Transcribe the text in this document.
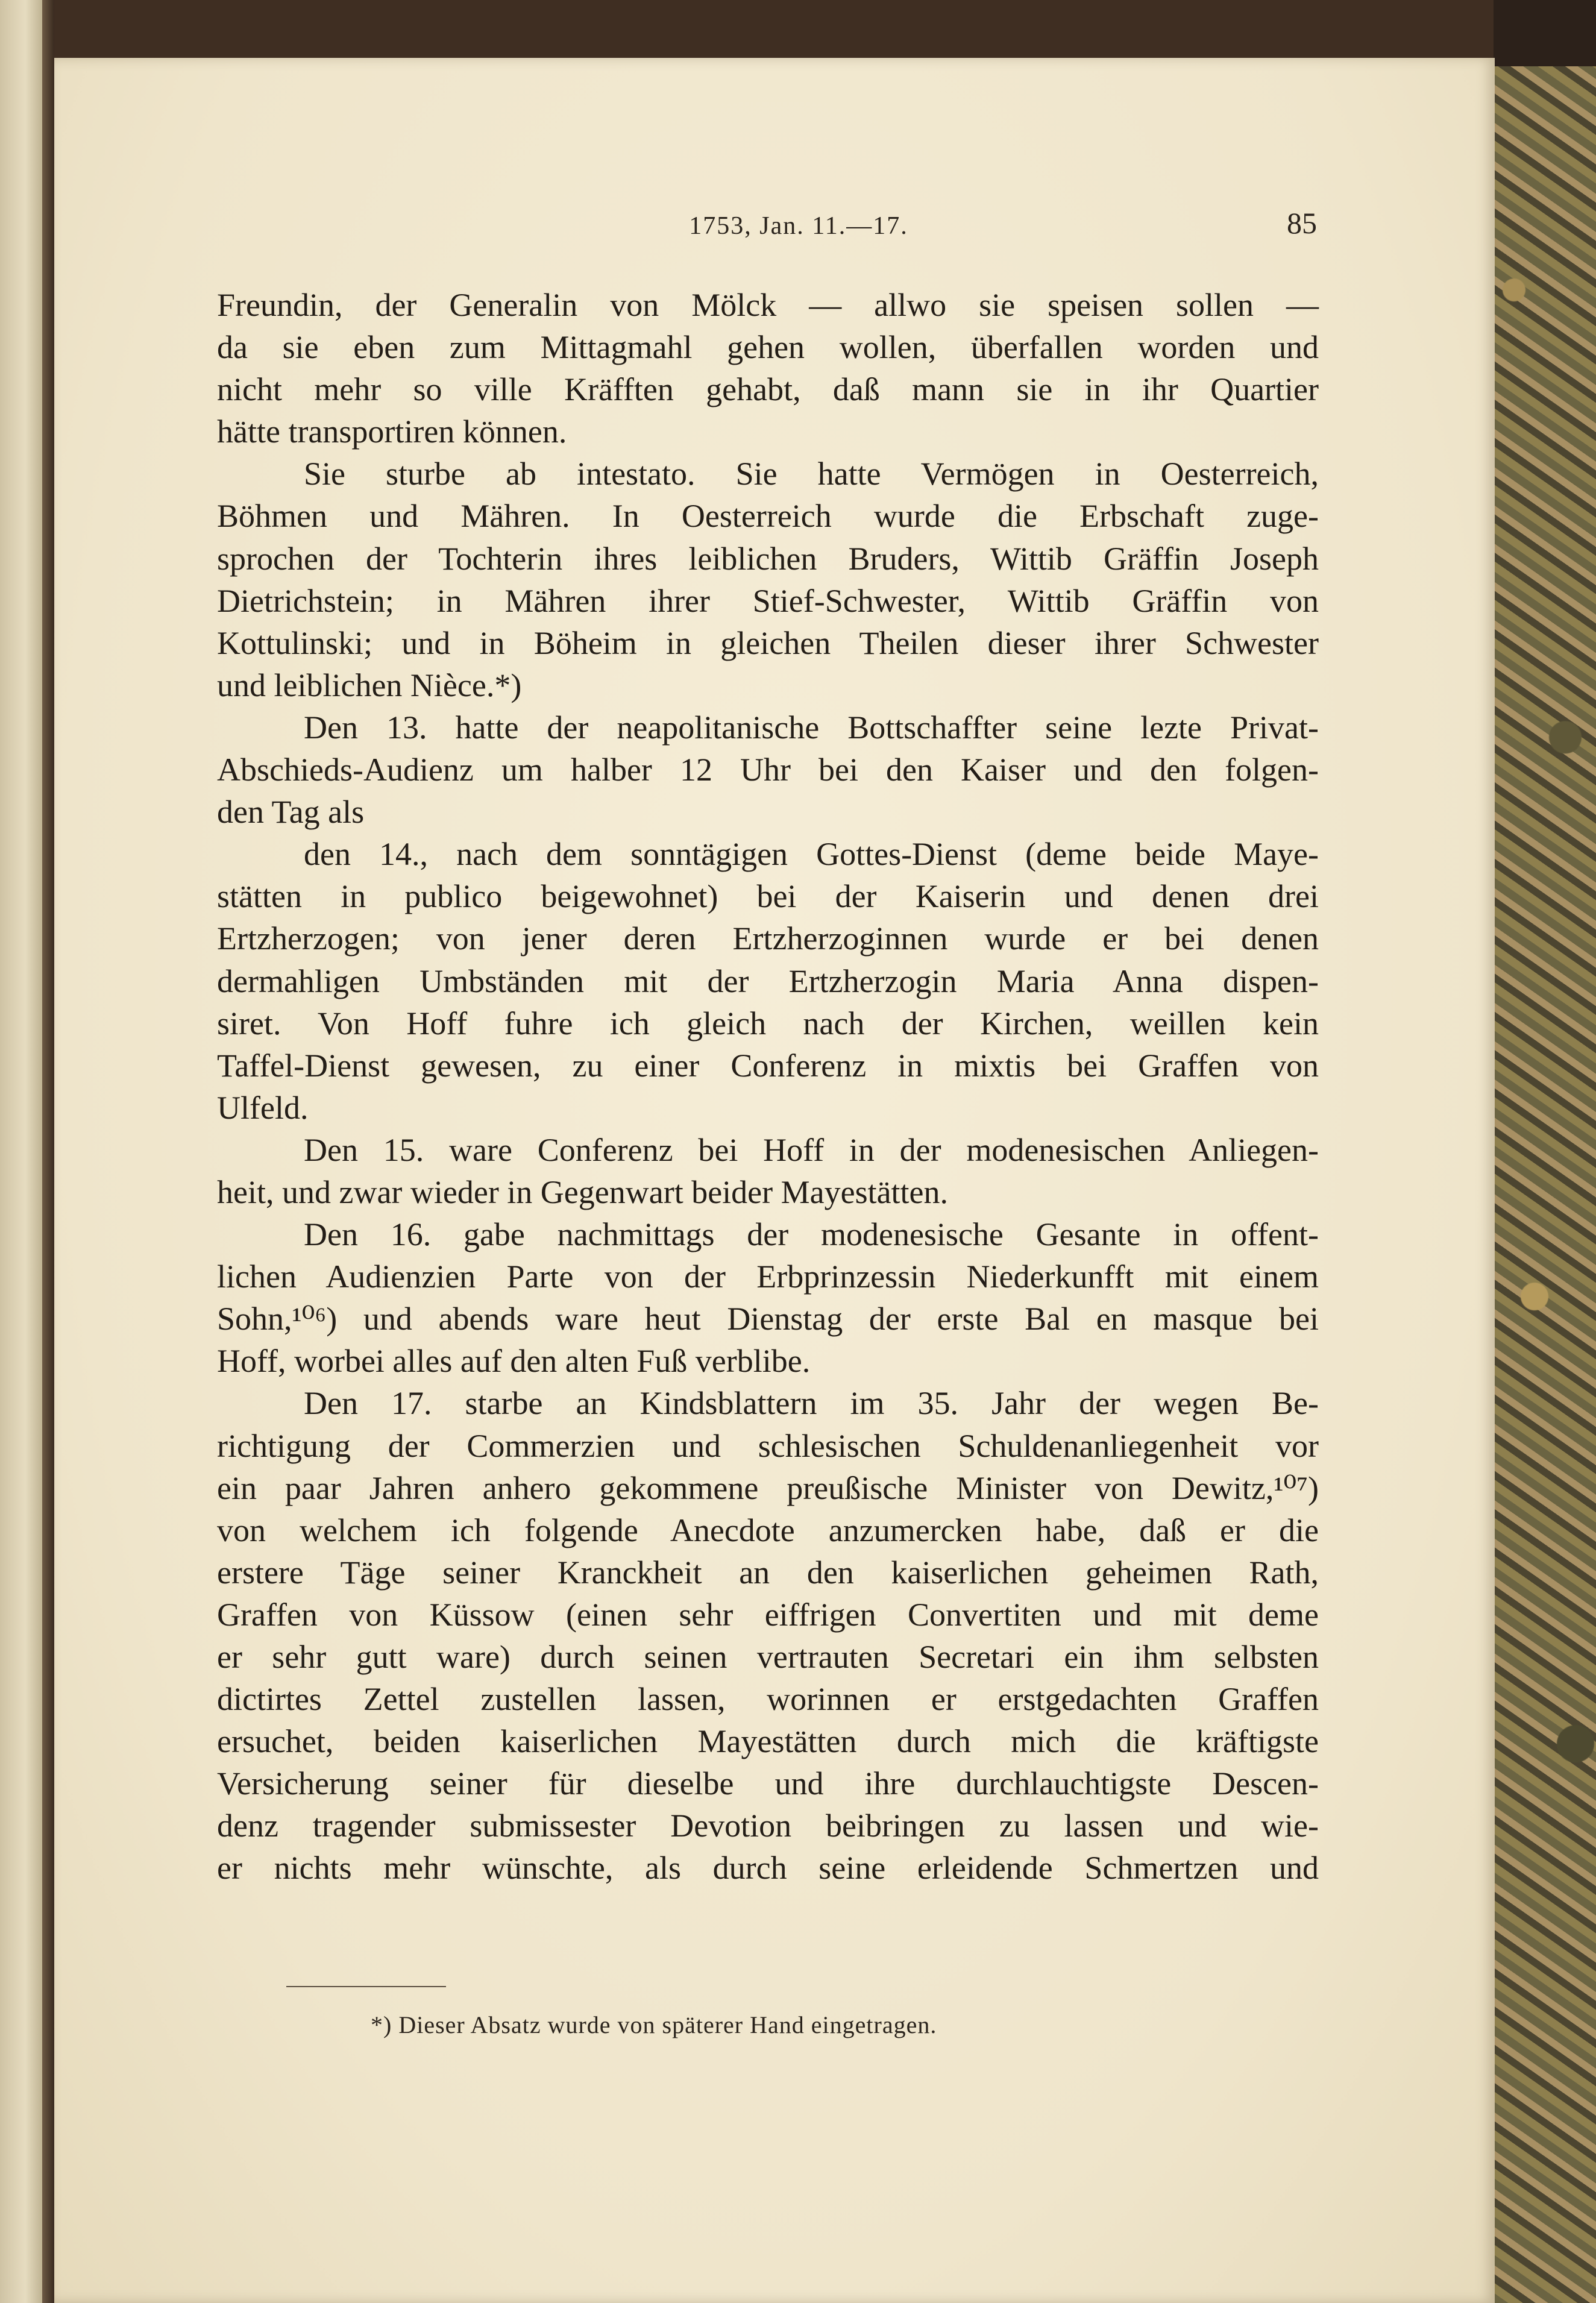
1753, Jan. 11.—17.	85
Freundin, der Generalin von Mölck — allwo sie speisen sollen —
da sie eben zum Mittagmahl gehen wollen, überfallen worden und
nicht mehr so ville Kräfften gehabt, daß mann sie in ihr Quartier
hätte transportiren können.
Sie sturbe ab intestato. Sie hatte Vermögen in Oesterreich,
Böhmen und Mähren. In Oesterreich wurde die Erbschaft zuge-
sprochen der Tochterin ihres leiblichen Bruders, Wittib Gräffin Joseph
Dietrichstein; in Mähren ihrer Stief-Schwester, Wittib Gräffin von
Kottulinski; und in Böheim in gleichen Theilen dieser ihrer Schwester
und leiblichen Nièce.*)
Den 13. hatte der neapolitanische Bottschaffter seine lezte Privat-
Abschieds-Audienz um halber 12 Uhr bei den Kaiser und den folgen-
den Tag als
den 14., nach dem sonntägigen Gottes-Dienst (deme beide Maye-
stätten in publico beigewohnet) bei der Kaiserin und denen drei
Ertzherzogen; von jener deren Ertzherzoginnen wurde er bei denen
dermahligen Umbständen mit der Ertzherzogin Maria Anna dispen-
siret. Von Hoff fuhre ich gleich nach der Kirchen, weillen kein
Taffel-Dienst gewesen, zu einer Conferenz in mixtis bei Graffen von
Ulfeld.
Den 15. ware Conferenz bei Hoff in der modenesischen Anliegen-
heit, und zwar wieder in Gegenwart beider Mayestätten.
Den 16. gabe nachmittags der modenesische Gesante in offent-
lichen Audienzien Parte von der Erbprinzessin Niederkunfft mit einem
Sohn,¹⁰⁶) und abends ware heut Dienstag der erste Bal en masque bei
Hoff, worbei alles auf den alten Fuß verblibe.
Den 17. starbe an Kindsblattern im 35. Jahr der wegen Be-
richtigung der Commerzien und schlesischen Schuldenanliegenheit vor
ein paar Jahren anhero gekommene preußische Minister von Dewitz,¹⁰⁷)
von welchem ich folgende Anecdote anzumercken habe, daß er die
erstere Täge seiner Kranckheit an den kaiserlichen geheimen Rath,
Graffen von Küssow (einen sehr eiffrigen Convertiten und mit deme
er sehr gutt ware) durch seinen vertrauten Secretari ein ihm selbsten
dictirtes Zettel zustellen lassen, worinnen er erstgedachten Graffen
ersuchet, beiden kaiserlichen Mayestätten durch mich die kräftigste
Versicherung seiner für dieselbe und ihre durchlauchtigste Descen-
denz tragender submissester Devotion beibringen zu lassen und wie-
er nichts mehr wünschte, als durch seine erleidende Schmertzen und
*) Dieser Absatz wurde von späterer Hand eingetragen.
